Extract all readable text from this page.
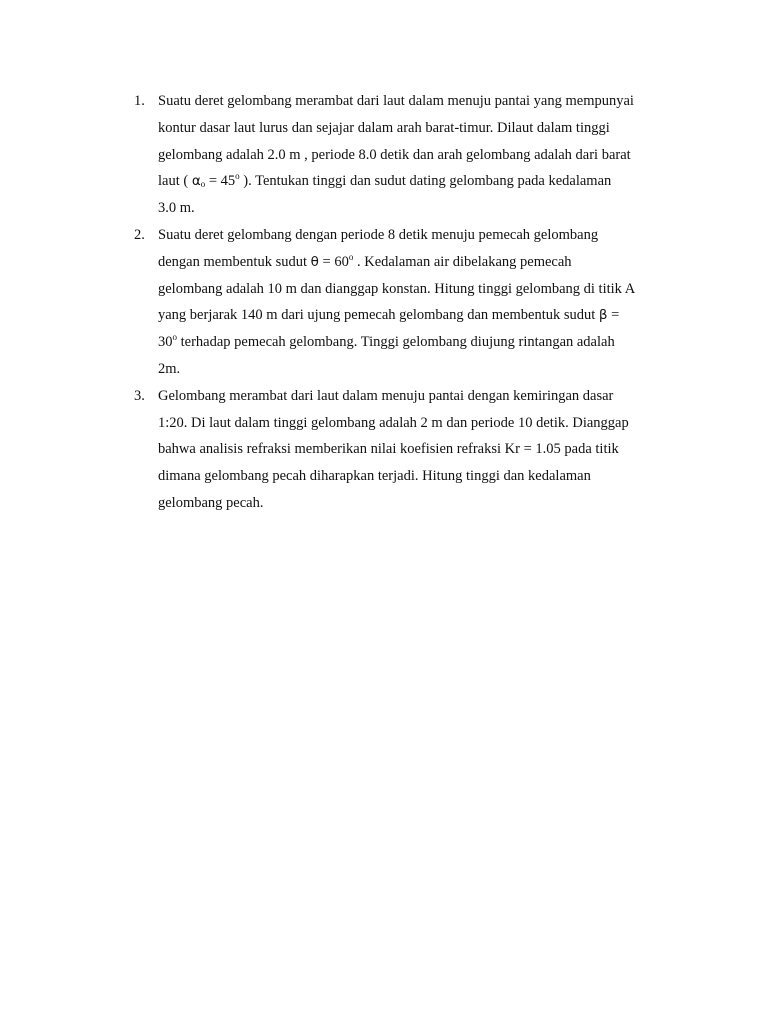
1. Suatu deret gelombang merambat dari laut dalam menuju pantai yang mempunyai
kontur dasar laut lurus dan sejajar dalam arah barat-timur. Dilaut dalam tinggi
gelombang adalah 2.0 m , periode 8.0 detik dan arah gelombang adalah dari barat
laut ( $\alpha_o = 45^o$ ). Tentukan tinggi dan sudut dating gelombang pada kedalaman
3.0 m.
2. Suatu deret gelombang dengan periode 8 detik menuju pemecah gelombang
dengan membentuk sudut $\theta = 60^o$ . Kedalaman air dibelakang pemecah
gelombang adalah 10 m dan dianggap konstan. Hitung tinggi gelombang di titik A
yang berjarak 140 m dari ujung pemecah gelombang dan membentuk sudut β =
$30^o$ terhadap pemecah gelombang. Tinggi gelombang diujung rintangan adalah
2m.
3. Gelombang merambat dari laut dalam menuju pantai dengan kemiringan dasar
1:20. Di laut dalam tinggi gelombang adalah 2 m dan periode 10 detik. Dianggap
bahwa analisis refraksi memberikan nilai koefisien refraksi Kr = 1.05 pada titik
dimana gelombang pecah diharapkan terjadi. Hitung tinggi dan kedalaman
gelombang pecah.
